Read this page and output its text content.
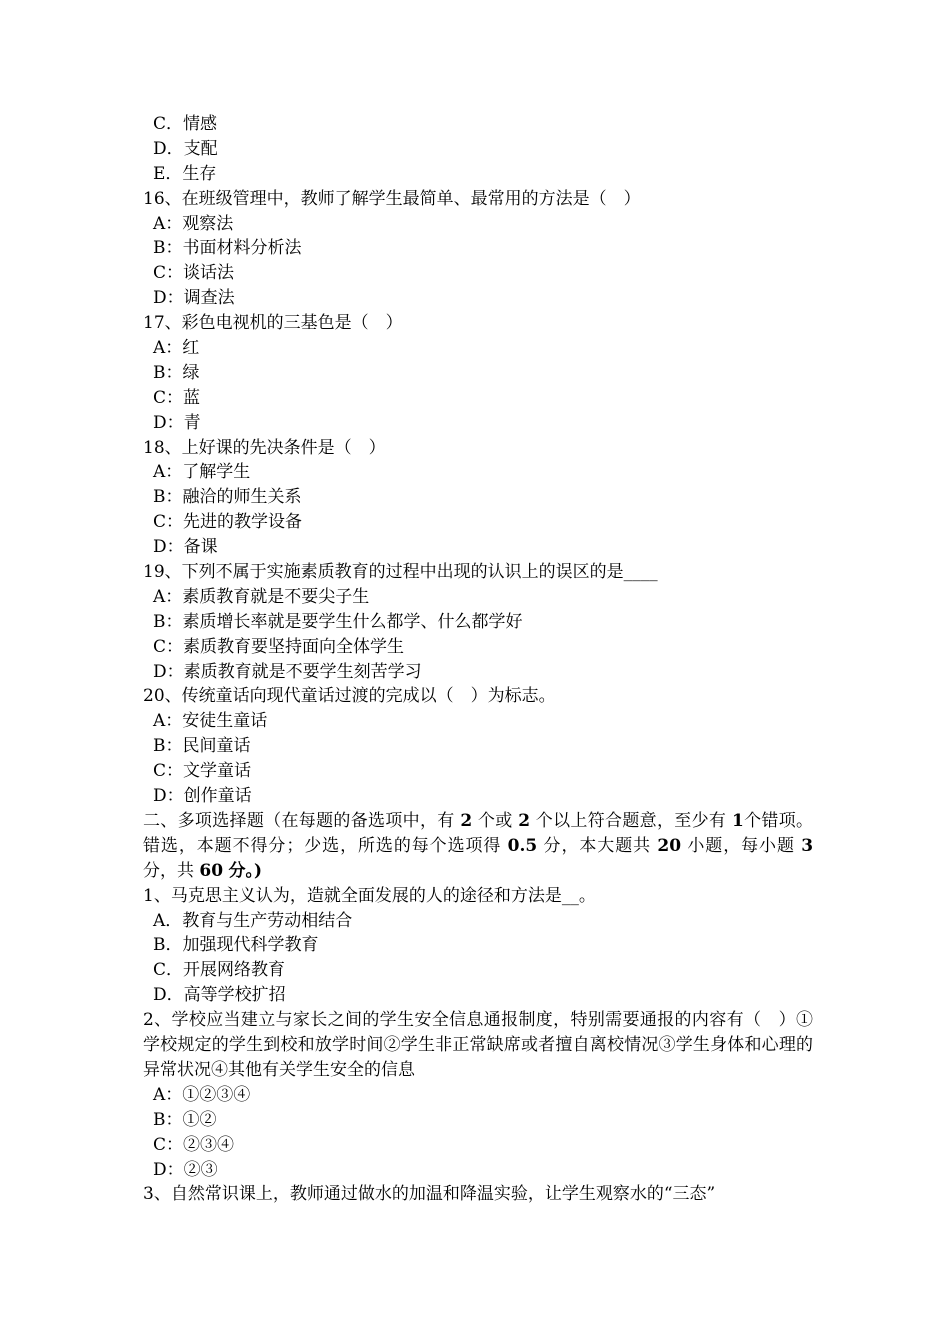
C．情感
D．支配
E．生存
16、在班级管理中，教师了解学生最简单、最常用的方法是（　）
A：观察法
B：书面材料分析法
C：谈话法
D：调查法
17、彩色电视机的三基色是（　）
A：红
B：绿
C：蓝
D：青
18、上好课的先决条件是（　）
A：了解学生
B：融洽的师生关系
C：先进的教学设备
D：备课
19、下列不属于实施素质教育的过程中出现的认识上的误区的是____
A：素质教育就是不要尖子生
B：素质增长率就是要学生什么都学、什么都学好
C：素质教育要坚持面向全体学生
D：素质教育就是不要学生刻苦学习
20、传统童话向现代童话过渡的完成以（　）为标志。
A：安徒生童话
B：民间童话
C：文学童话
D：创作童话
二、多项选择题（在每题的备选项中，有 2 个或 2 个以上符合题意，至少有 1个错项。错选，本题不得分；少选，所选的每个选项得 0.5 分，本大题共 20 小题，每小题 3分，共 60 分。)
1、马克思主义认为，造就全面发展的人的途径和方法是__。
A．教育与生产劳动相结合
B．加强现代科学教育
C．开展网络教育
D．高等学校扩招
2、学校应当建立与家长之间的学生安全信息通报制度，特别需要通报的内容有（　）①学校规定的学生到校和放学时间②学生非正常缺席或者擅自离校情况③学生身体和心理的异常状况④其他有关学生安全的信息
A：①②③④
B：①②
C：②③④
D：②③
3、自然常识课上，教师通过做水的加温和降温实验，让学生观察水的“三态”
